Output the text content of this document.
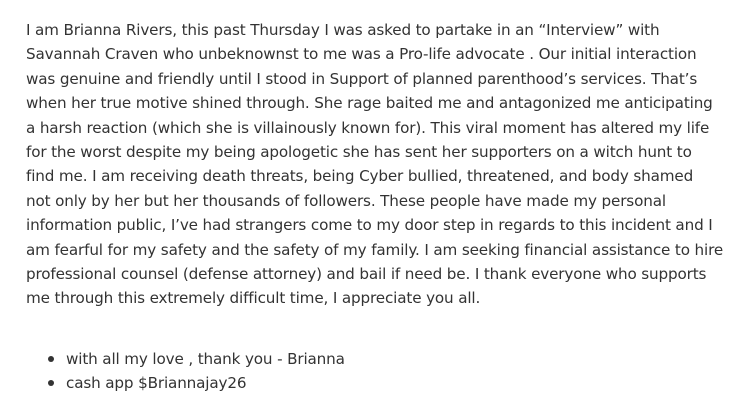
I am Brianna Rivers, this past Thursday I was asked to partake in an “Interview” with
Savannah Craven who unbeknownst to me was a Pro-life advocate . Our initial interaction
was genuine and friendly until I stood in Support of planned parenthood’s services. That’s
when her true motive shined through. She rage baited me and antagonized me anticipating
a harsh reaction (which she is villainously known for). This viral moment has altered my life
for the worst despite my being apologetic she has sent her supporters on a witch hunt to
find me. I am receiving death threats, being Cyber bullied, threatened, and body shamed
not only by her but her thousands of followers. These people have made my personal
information public, I’ve had strangers come to my door step in regards to this incident and I
am fearful for my safety and the safety of my family. I am seeking financial assistance to hire
professional counsel (defense attorney) and bail if need be. I thank everyone who supports
me through this extremely difficult time, I appreciate you all.

with all my love , thank you - Brianna
cash app $Briannajay26
